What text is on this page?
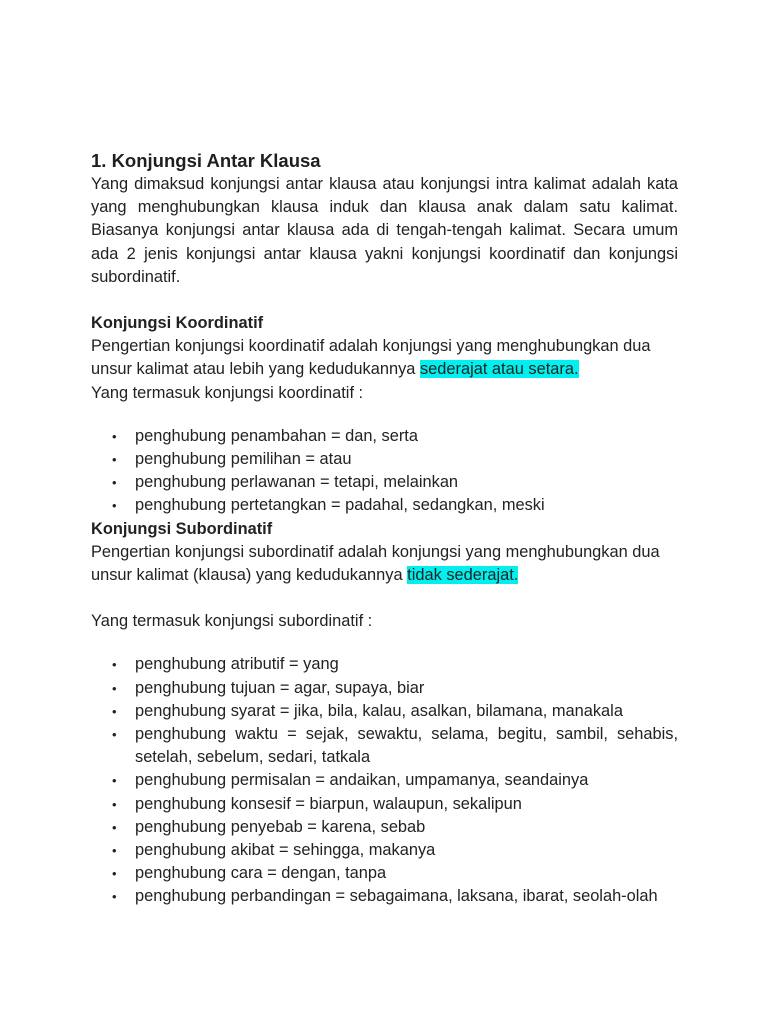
1. Konjungsi Antar Klausa

Yang dimaksud konjungsi antar klausa atau konjungsi intra kalimat adalah kata yang menghubungkan klausa induk dan klausa anak dalam satu kalimat. Biasanya konjungsi antar klausa ada di tengah-tengah kalimat. Secara umum ada 2 jenis konjungsi antar klausa yakni konjungsi koordinatif dan konjungsi subordinatif.

Konjungsi Koordinatif

Pengertian konjungsi koordinatif adalah konjungsi yang menghubungkan dua unsur kalimat atau lebih yang kedudukannya sederajat atau setara.

Yang termasuk konjungsi koordinatif :

• penghubung penambahan = dan, serta
• penghubung pemilihan = atau
• penghubung perlawanan = tetapi, melainkan
• penghubung pertetangkan = padahal, sedangkan, meski

Konjungsi Subordinatif

Pengertian konjungsi subordinatif adalah konjungsi yang menghubungkan dua unsur kalimat (klausa) yang kedudukannya tidak sederajat.

Yang termasuk konjungsi subordinatif :

• penghubung atributif = yang
• penghubung tujuan = agar, supaya, biar
• penghubung syarat = jika, bila, kalau, asalkan, bilamana, manakala
• penghubung waktu = sejak, sewaktu, selama, begitu, sambil, sehabis, setelah, sebelum, sedari, tatkala
• penghubung permisalan = andaikan, umpamanya, seandainya
• penghubung konsesif = biarpun, walaupun, sekalipun
• penghubung penyebab = karena, sebab
• penghubung akibat = sehingga, makanya
• penghubung cara = dengan, tanpa
• penghubung perbandingan = sebagaimana, laksana, ibarat, seolah-olah
